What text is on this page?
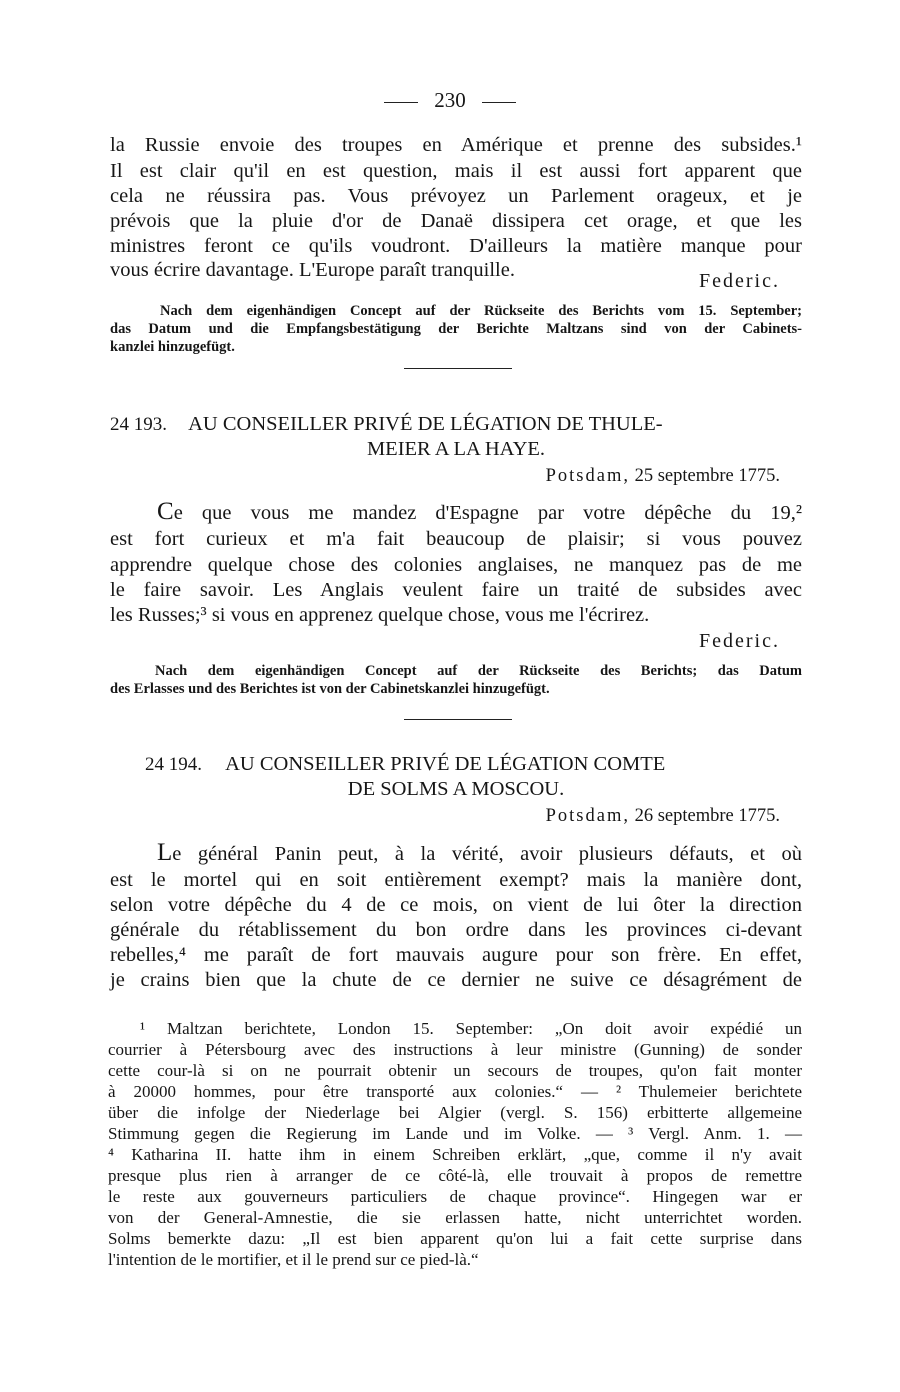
230
la Russie envoie des troupes en Amérique et prenne des subsides.¹
Il est clair qu'il en est question, mais il est aussi fort apparent que
cela ne réussira pas. Vous prévoyez un Parlement orageux, et je
prévois que la pluie d'or de Danaë dissipera cet orage, et que les
ministres feront ce qu'ils voudront. D'ailleurs la matière manque pour
vous écrire davantage. L'Europe paraît tranquille.	Federic.
Nach dem eigenhändigen Concept auf der Rückseite des Berichts vom 15. September;
das Datum und die Empfangsbestätigung der Berichte Maltzans sind von der Cabinets-
kanzlei hinzugefügt.
24 193. AU CONSEILLER PRIVÉ DE LÉGATION DE THULE-
MEIER A LA HAYE.
Potsdam, 25 septembre 1775.
Ce que vous me mandez d'Espagne par votre dépêche du 19,²
est fort curieux et m'a fait beaucoup de plaisir; si vous pouvez
apprendre quelque chose des colonies anglaises, ne manquez pas de me
le faire savoir. Les Anglais veulent faire un traité de subsides avec
les Russes;³ si vous en apprenez quelque chose, vous me l'écrirez.
Federic.
Nach dem eigenhändigen Concept auf der Rückseite des Berichts; das Datum
des Erlasses und des Berichtes ist von der Cabinetskanzlei hinzugefügt.
24 194. AU CONSEILLER PRIVÉ DE LÉGATION COMTE
DE SOLMS A MOSCOU.
Potsdam, 26 septembre 1775.
Le général Panin peut, à la vérité, avoir plusieurs défauts, et où
est le mortel qui en soit entièrement exempt? mais la manière dont,
selon votre dépêche du 4 de ce mois, on vient de lui ôter la direction
générale du rétablissement du bon ordre dans les provinces ci-devant
rebelles,⁴ me paraît de fort mauvais augure pour son frère. En effet,
je crains bien que la chute de ce dernier ne suive ce désagrément de
¹ Maltzan berichtete, London 15. September: „On doit avoir expédié un
courrier à Pétersbourg avec des instructions à leur ministre (Gunning) de sonder
cette cour-là si on ne pourrait obtenir un secours de troupes, qu'on fait monter
à 20000 hommes, pour être transporté aux colonies.“ — ² Thulemeier berichtete
über die infolge der Niederlage bei Algier (vergl. S. 156) erbitterte allgemeine
Stimmung gegen die Regierung im Lande und im Volke. — ³ Vergl. Anm. 1. —
⁴ Katharina II. hatte ihm in einem Schreiben erklärt, „que, comme il n'y avait
presque plus rien à arranger de ce côté-là, elle trouvait à propos de remettre
le reste aux gouverneurs particuliers de chaque province“. Hingegen war er
von der General-Amnestie, die sie erlassen hatte, nicht unterrichtet worden.
Solms bemerkte dazu: „Il est bien apparent qu'on lui a fait cette surprise dans
l'intention de le mortifier, et il le prend sur ce pied-là.“
